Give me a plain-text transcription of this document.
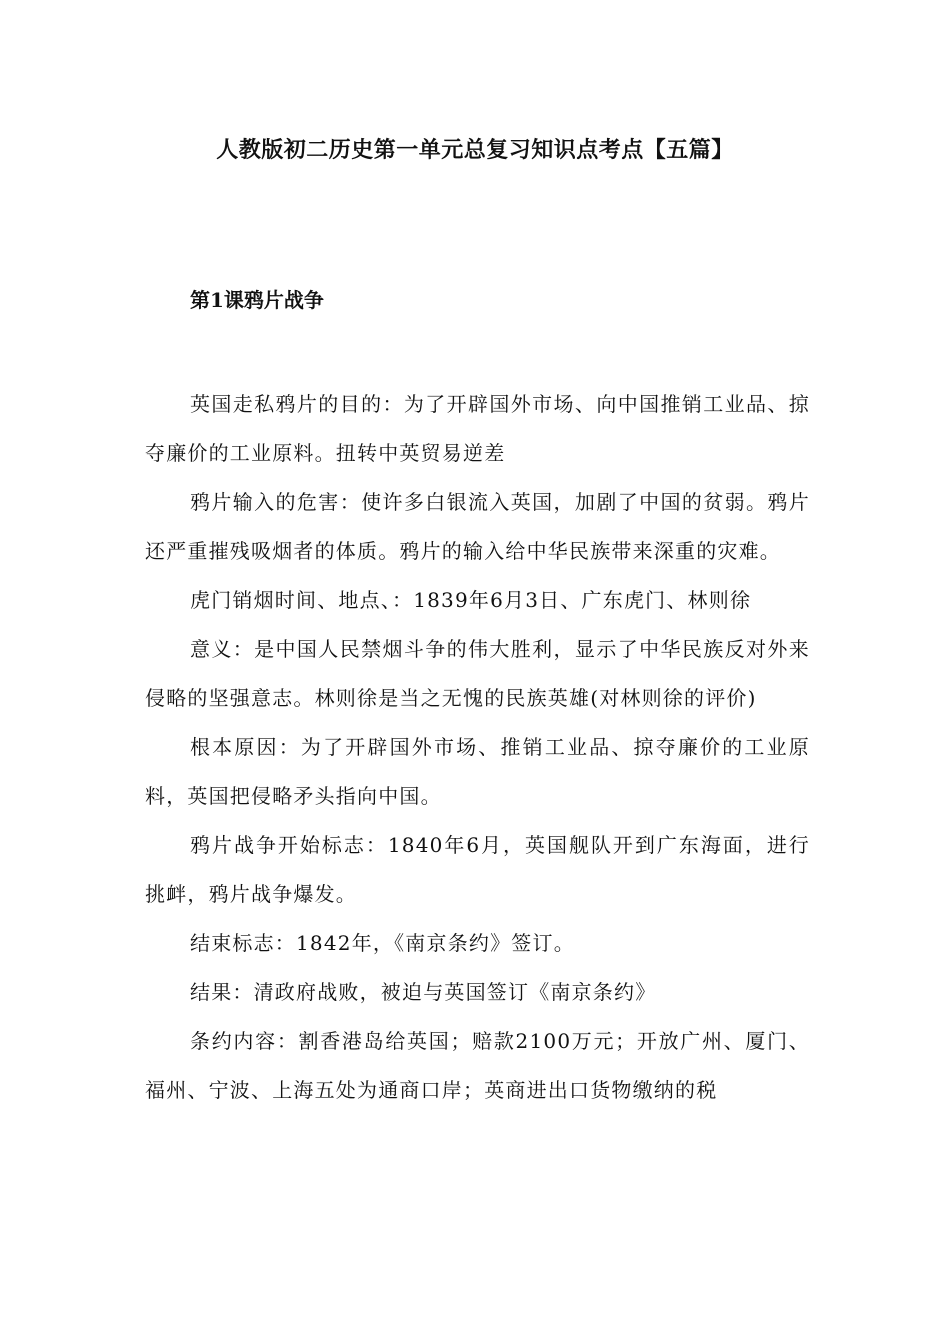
人教版初二历史第一单元总复习知识点考点【五篇】
第1课鸦片战争

英国走私鸦片的目的：为了开辟国外市场、向中国推销工业品、掠夺廉价的工业原料。扭转中英贸易逆差

鸦片输入的危害：使许多白银流入英国，加剧了中国的贫弱。鸦片还严重摧残吸烟者的体质。鸦片的输入给中华民族带来深重的灾难。

虎门销烟时间、地点、：1839年6月3日、广东虎门、林则徐

意义：是中国人民禁烟斗争的伟大胜利，显示了中华民族反对外来侵略的坚强意志。林则徐是当之无愧的民族英雄(对林则徐的评价)

根本原因：为了开辟国外市场、推销工业品、掠夺廉价的工业原料，英国把侵略矛头指向中国。

鸦片战争开始标志：1840年6月，英国舰队开到广东海面，进行挑衅，鸦片战争爆发。

结束标志：1842年，《南京条约》签订。

结果：清政府战败，被迫与英国签订《南京条约》

条约内容：割香港岛给英国；赔款2100万元；开放广州、厦门、福州、宁波、上海五处为通商口岸；英商进出口货物缴纳的税
